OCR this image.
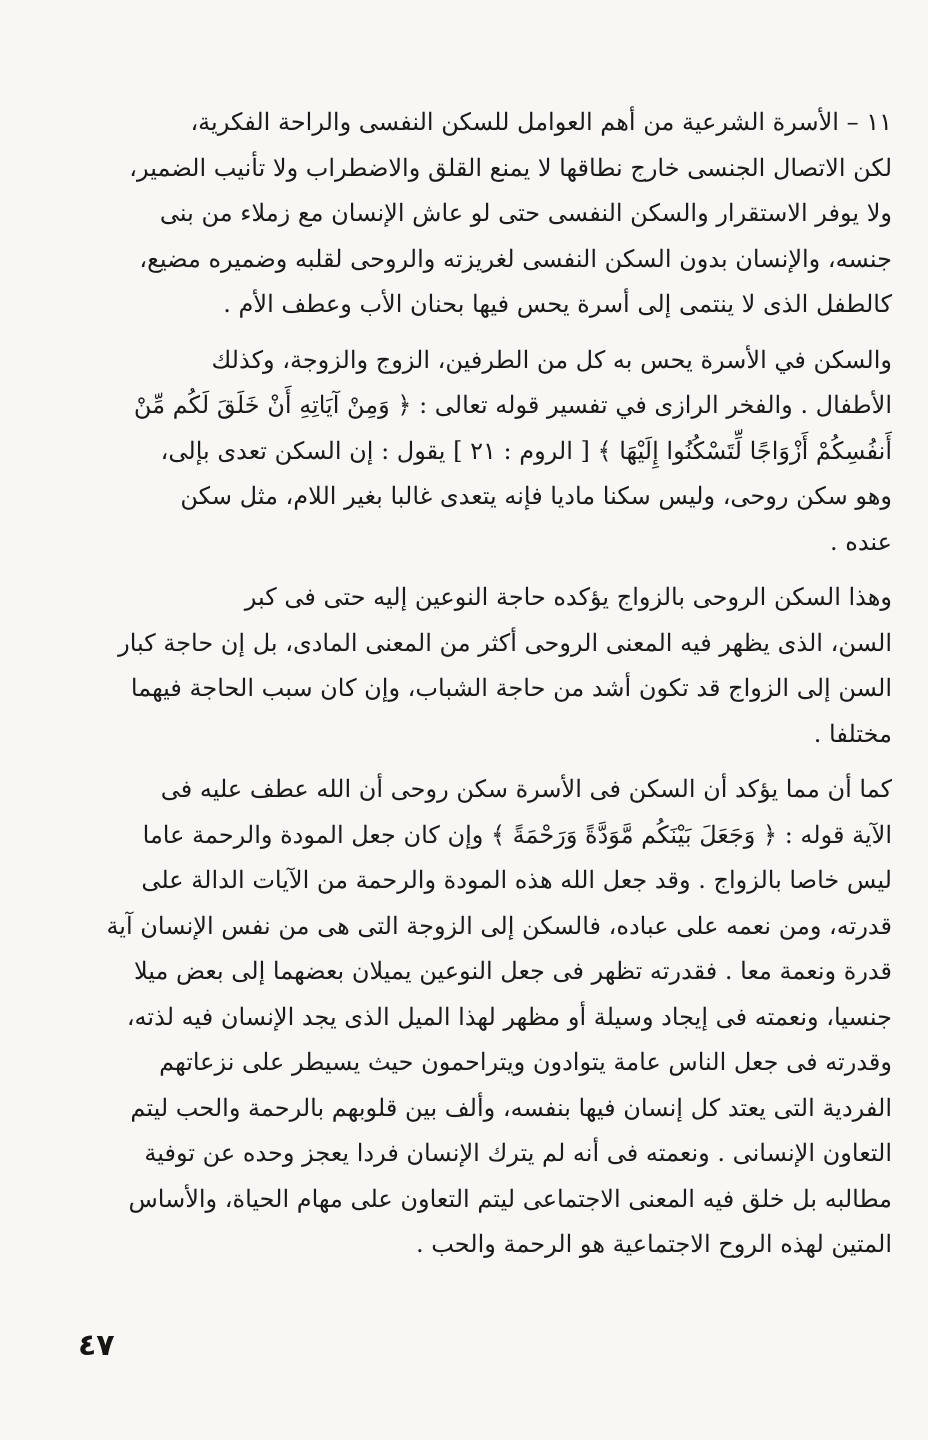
١١ – الأسرة الشرعية من أهم العوامل للسكن النفسى والراحة الفكرية،
لكن الاتصال الجنسى خارج نطاقها لا يمنع القلق والاضطراب ولا تأنيب الضمير،
ولا يوفر الاستقرار والسكن النفسى حتى لو عاش الإنسان مع زملاء من بنى
جنسه، والإنسان بدون السكن النفسى لغريزته والروحى لقلبه وضميره مضيع،
كالطفل الذى لا ينتمى إلى أسرة يحس فيها بحنان الأب وعطف الأم .

والسكن في الأسرة يحس به كل من الطرفين، الزوج والزوجة، وكذلك
الأطفال . والفخر الرازى في تفسير قوله تعالى : ﴿ وَمِنْ آيَاتِهِ أَنْ خَلَقَ لَكُم مِّنْ
أَنفُسِكُمْ أَزْوَاجًا لِّتَسْكُنُوا إِلَيْهَا ﴾ [ الروم : ٢١ ] يقول : إن السكن تعدى بإلى،
وهو سكن روحى، وليس سكنا ماديا فإنه يتعدى غالبا بغير اللام، مثل سكن
عنده .

وهذا السكن الروحى بالزواج يؤكده حاجة النوعين إليه حتى فى كبر
السن، الذى يظهر فيه المعنى الروحى أكثر من المعنى المادى، بل إن حاجة كبار
السن إلى الزواج قد تكون أشد من حاجة الشباب، وإن كان سبب الحاجة فيهما
مختلفا .

كما أن مما يؤكد أن السكن فى الأسرة سكن روحى أن الله عطف عليه فى
الآية قوله : ﴿ وَجَعَلَ بَيْنَكُم مَّوَدَّةً وَرَحْمَةً ﴾ وإن كان جعل المودة والرحمة عاما
ليس خاصا بالزواج . وقد جعل الله هذه المودة والرحمة من الآيات الدالة على
قدرته، ومن نعمه على عباده، فالسكن إلى الزوجة التى هى من نفس الإنسان آية
قدرة ونعمة معا . فقدرته تظهر فى جعل النوعين يميلان بعضهما إلى بعض ميلا
جنسيا، ونعمته فى إيجاد وسيلة أو مظهر لهذا الميل الذى يجد الإنسان فيه لذته،
وقدرته فى جعل الناس عامة يتوادون ويتراحمون حيث يسيطر على نزعاتهم
الفردية التى يعتد كل إنسان فيها بنفسه، وألف بين قلوبهم بالرحمة والحب ليتم
التعاون الإنسانى . ونعمته فى أنه لم يترك الإنسان فردا يعجز وحده عن توفية
مطالبه بل خلق فيه المعنى الاجتماعى ليتم التعاون على مهام الحياة، والأساس
المتين لهذه الروح الاجتماعية هو الرحمة والحب .

٤٧
